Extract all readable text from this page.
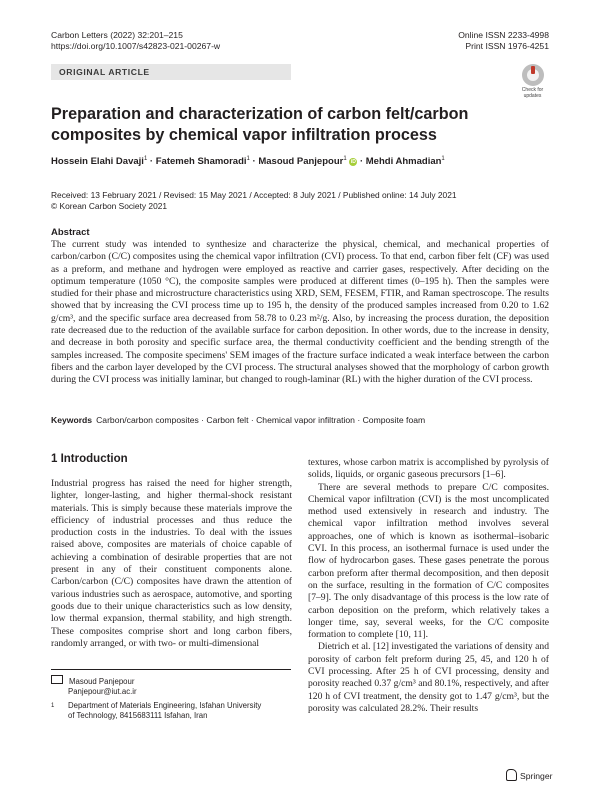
Carbon Letters (2022) 32:201–215
https://doi.org/10.1007/s42823-021-00267-w
Online ISSN 2233-4998
Print ISSN 1976-4251
ORIGINAL ARTICLE
Check for
updates
Preparation and characterization of carbon felt/carbon composites by chemical vapor infiltration process
Hossein Elahi Davaji$^1$ · Fatemeh Shamoradi$^1$ · Masoud Panjepour$^1$ iD · Mehdi Ahmadian$^1$
Received: 13 February 2021 / Revised: 15 May 2021 / Accepted: 8 July 2021 / Published online: 14 July 2021
© Korean Carbon Society 2021
Abstract
The current study was intended to synthesize and characterize the physical, chemical, and mechanical properties of carbon/carbon (C/C) composites using the chemical vapor infiltration (CVI) process. To that end, carbon fiber felt (CF) was used as a preform, and methane and hydrogen were employed as reactive and carrier gases, respectively. After deciding on the optimum temperature (1050 °C), the composite samples were produced at different times (0–195 h). Then the samples were studied for their phase and microstructure characteristics using XRD, SEM, FESEM, FTIR, and Raman spectroscope. The results showed that by increasing the CVI process time up to 195 h, the density of the produced samples increased from 0.20 to 1.62 g/cm³, and the specific surface area decreased from 58.78 to 0.23 m²/g. Also, by increasing the process duration, the deposition rate decreased due to the reduction of the available surface for carbon deposition. In other words, due to the increase in density, and decrease in both porosity and specific surface area, the thermal conductivity coefficient and the bending strength of the samples increased. The composite specimens' SEM images of the fracture surface indicated a weak interface between the carbon fibers and the carbon layer developed by the CVI process. The structural analyses showed that the morphology of carbon growth during the CVI process was initially laminar, but changed to rough-laminar (RL) with the higher duration of the CVI process.
Keywords Carbon/carbon composites · Carbon felt · Chemical vapor infiltration · Composite foam
1 Introduction

Industrial progress has raised the need for higher strength, lighter, longer-lasting, and higher thermal-shock resistant materials. This is simply because these materials improve the efficiency of industrial processes and thus reduce the production costs in the industries. To deal with the issues raised above, composites are materials of choice capable of achieving a combination of desirable properties that are not present in any of their constituent components alone. Carbon/carbon (C/C) composites have drawn the attention of various industries such as aerospace, automotive, and sporting goods due to their unique characteristics such as low density, low thermal expansion, thermal stability, and high strength. These composites comprise short and long carbon fibers, randomly arranged, or with two- or multi-dimensional

textures, whose carbon matrix is accomplished by pyrolysis of solids, liquids, or organic gaseous precursors [1–6].

There are several methods to prepare C/C composites. Chemical vapor infiltration (CVI) is the most uncomplicated method used extensively in research and industry. The chemical vapor infiltration method involves several approaches, one of which is known as isothermal–isobaric CVI. In this process, an isothermal furnace is used under the flow of hydrocarbon gases. These gases penetrate the porous carbon preform after thermal decomposition, and then deposit on the surface, resulting in the formation of C/C composites [7–9]. The only disadvantage of this process is the low rate of carbon deposition on the preform, which relatively takes a longer time, say, several weeks, for the C/C composite formation to complete [10, 11].

Dietrich et al. [12] investigated the variations of density and porosity of carbon felt preform during 25, 45, and 120 h of CVI processing. After 25 h of CVI processing, density and porosity reached 0.37 g/cm³ and 80.1%, respectively, and after 120 h of CVI treatment, the density got to 1.47 g/cm³, but the porosity was calculated 28.2%. Their results

Masoud Panjepour
Panjepour@iut.ac.ir
1	Department of Materials Engineering, Isfahan University
of Technology, 8415683111 Isfahan, Iran
Springer
